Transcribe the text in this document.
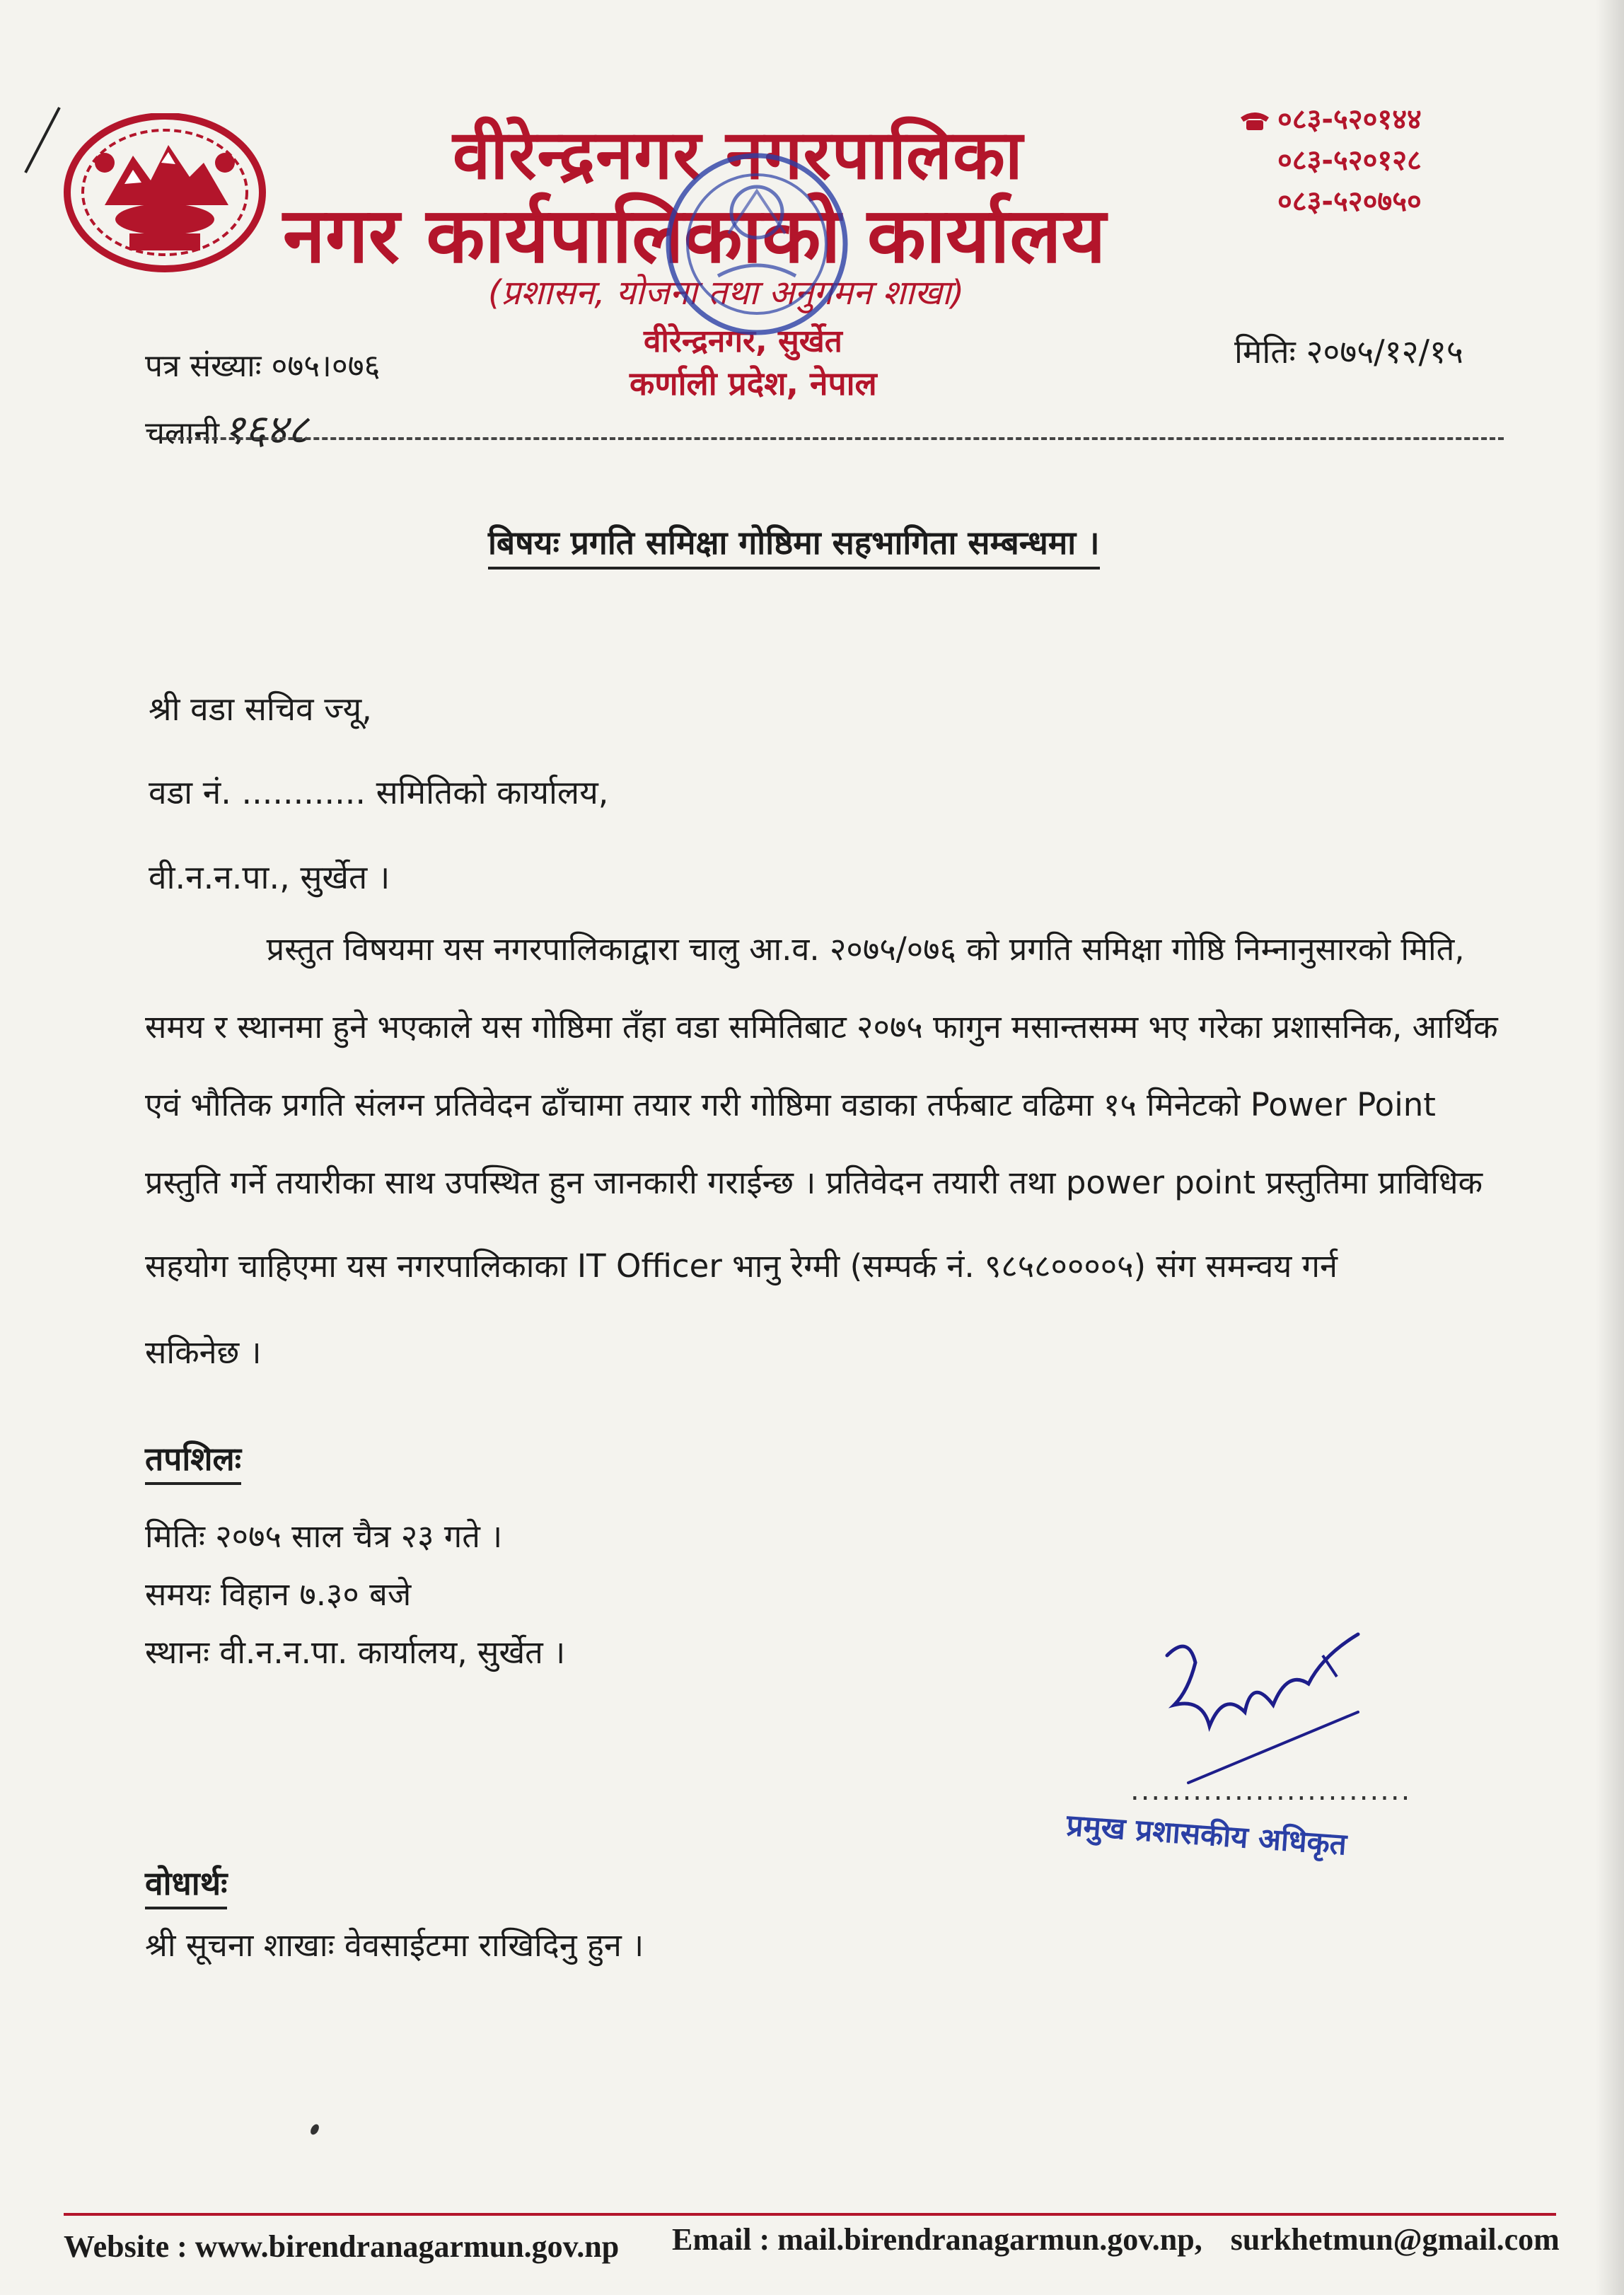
वीरेन्द्रनगर नगरपालिका
नगर कार्यपालिकाको कार्यालय
(प्रशासन, योजना तथा अनुगमन शाखा)
वीरेन्द्रनगर, सुर्खेत
कर्णाली प्रदेश, नेपाल
०८३-५२०१४४
०८३-५२०१२८
०८३-५२०७५०
पत्र संख्याः ०७५।०७६
चलानी १६४८
मितिः २०७५/१२/१५
बिषयः प्रगति समिक्षा गोष्ठिमा सहभागिता सम्बन्धमा ।
श्री वडा सचिव ज्यू,
वडा नं. ............ समितिको कार्यालय,
वी.न.न.पा., सुर्खेत ।
प्रस्तुत विषयमा यस नगरपालिकाद्वारा चालु आ.व. २०७५/०७६ को प्रगति समिक्षा गोष्ठि निम्नानुसारको मिति,
समय र स्थानमा हुने भएकाले यस गोष्ठिमा तँहा वडा समितिबाट २०७५ फागुन मसान्तसम्म भए गरेका प्रशासनिक, आर्थिक
एवं भौतिक प्रगति संलग्न प्रतिवेदन ढाँचामा तयार गरी गोष्ठिमा वडाका तर्फबाट वढिमा १५ मिनेटको Power Point
प्रस्तुति गर्ने तयारीका साथ उपस्थित हुन जानकारी गराईन्छ । प्रतिवेदन तयारी तथा power point प्रस्तुतिमा प्राविधिक
सहयोग चाहिएमा यस नगरपालिकाका IT Officer भानु रेग्मी (सम्पर्क नं. ९८५८००००५) संग समन्वय गर्न
सकिनेछ ।
तपशिलः
मितिः २०७५ साल चैत्र २३ गते ।
समयः विहान ७.३० बजे
स्थानः वी.न.न.पा. कार्यालय, सुर्खेत ।
...........................
प्रमुख प्रशासकीय अधिकृत
वोधार्थः
श्री सूचना शाखाः वेवसाईटमा राखिदिनु हुन ।
Website : www.birendranagarmun.gov.np Email : mail.birendranagarmun.gov.np, surkhetmun@gmail.com
